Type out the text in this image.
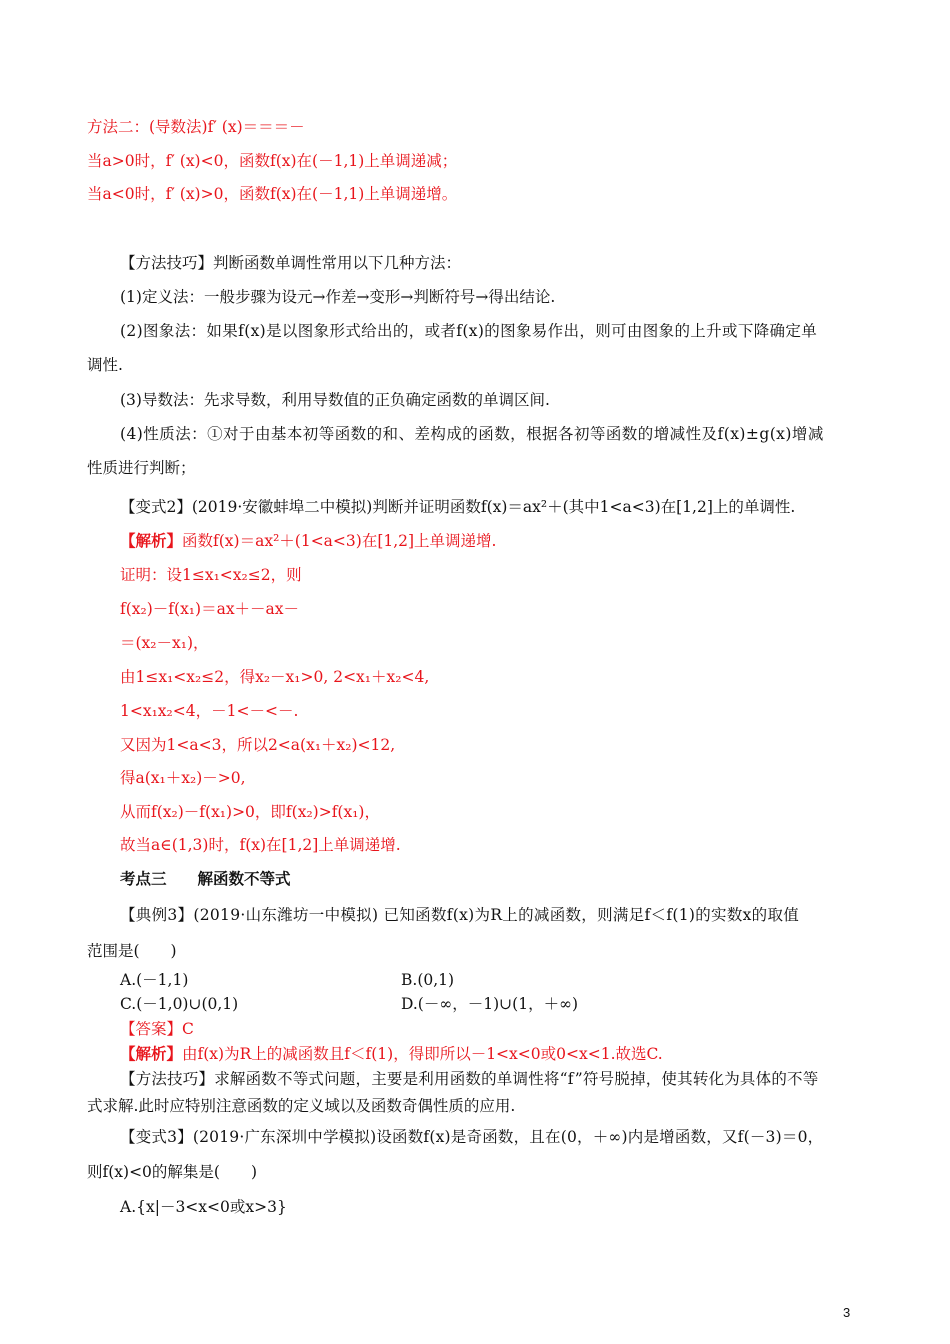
方法二：(导数法)f′ (x)＝＝＝－
当a>0时，f′ (x)<0，函数f(x)在(－1,1)上单调递减；
当a<0时，f′ (x)>0，函数f(x)在(－1,1)上单调递增。
【方法技巧】判断函数单调性常用以下几种方法：
(1)定义法：一般步骤为设元→作差→变形→判断符号→得出结论.
(2)图象法：如果f(x)是以图象形式给出的，或者f(x)的图象易作出，则可由图象的上升或下降确定单
调性.
(3)导数法：先求导数，利用导数值的正负确定函数的单调区间.
(4)性质法：①对于由基本初等函数的和、差构成的函数，根据各初等函数的增减性及f(x)±g(x)增减
性质进行判断；
【变式2】(2019·安徽蚌埠二中模拟)判断并证明函数f(x)＝ax²＋(其中1<a<3)在[1,2]上的单调性.
【解析】函数f(x)＝ax²＋(1<a<3)在[1,2]上单调递增.
证明：设1≤x₁<x₂≤2，则
f(x₂)－f(x₁)＝ax＋－ax－
＝(x₂－x₁)，
由1≤x₁<x₂≤2，得x₂－x₁>0, 2<x₁＋x₂<4,
1<x₁x₂<4，－1<－<－.
又因为1<a<3，所以2<a(x₁＋x₂)<12,
得a(x₁＋x₂)－>0,
从而f(x₂)－f(x₁)>0，即f(x₂)>f(x₁)，
故当a∈(1,3)时，f(x)在[1,2]上单调递增.
考点三　　解函数不等式
【典例3】(2019·山东潍坊一中模拟) 已知函数f(x)为R上的减函数，则满足f＜f(1)的实数x的取值
范围是(　　)
A.(－1,1)	B.(0,1)
C.(－1,0)∪(0,1)	D.(－∞，－1)∪(1，＋∞)
【答案】C
【解析】由f(x)为R上的减函数且f＜f(1)，得即所以－1<x<0或0<x<1.故选C.
【方法技巧】求解函数不等式问题，主要是利用函数的单调性将“f”符号脱掉，使其转化为具体的不等
式求解.此时应特别注意函数的定义域以及函数奇偶性质的应用.
【变式3】(2019·广东深圳中学模拟)设函数f(x)是奇函数，且在(0，＋∞)内是增函数，又f(－3)＝0，
则f(x)<0的解集是(　　)
A.{x|－3<x<0或x>3}
3
